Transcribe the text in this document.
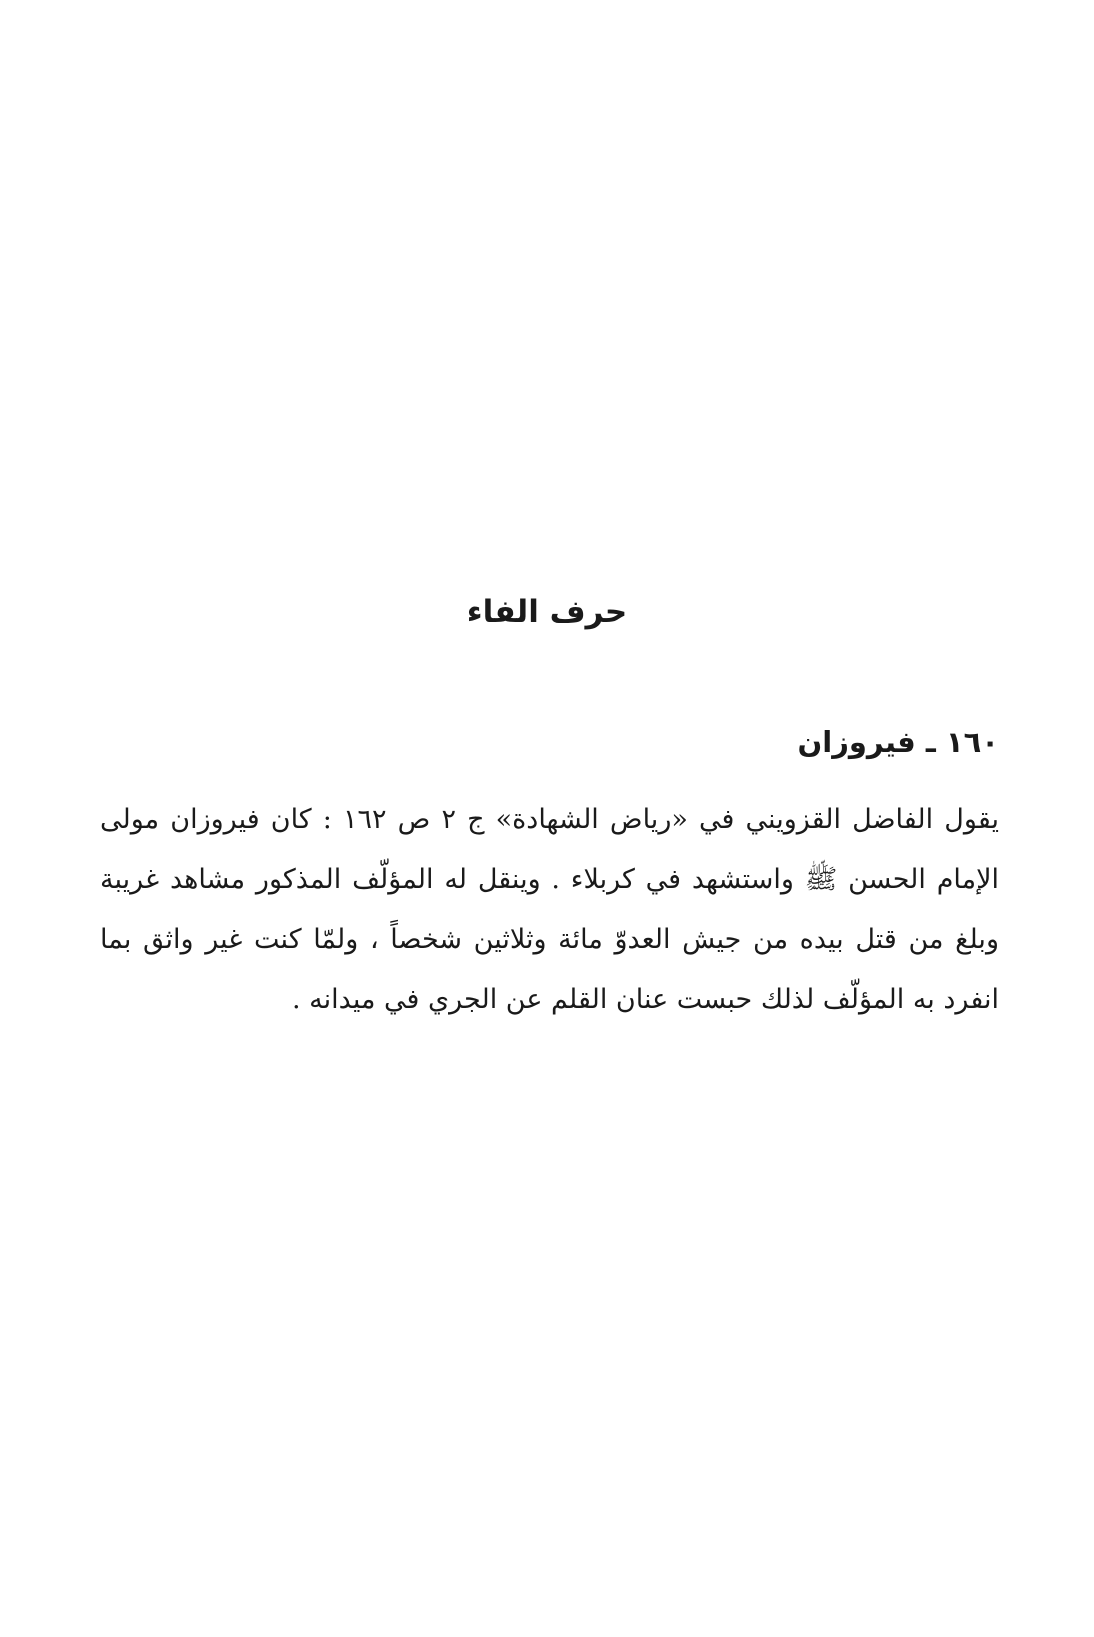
حرف الفاء
١٦٠ ـ فيروزان
يقول الفاضل القزويني في «رياض الشهادة» ج ٢ ص ١٦٢ : كان فيروزان مولى
الإمام الحسن ﷺ واستشهد في كربلاء . وينقل له المؤلّف المذكور مشاهد غريبة
وبلغ من قتل بيده من جيش العدوّ مائة وثلاثين شخصاً ، ولمّا كنت غير واثق بما
انفرد به المؤلّف لذلك حبست عنان القلم عن الجري في ميدانه .
